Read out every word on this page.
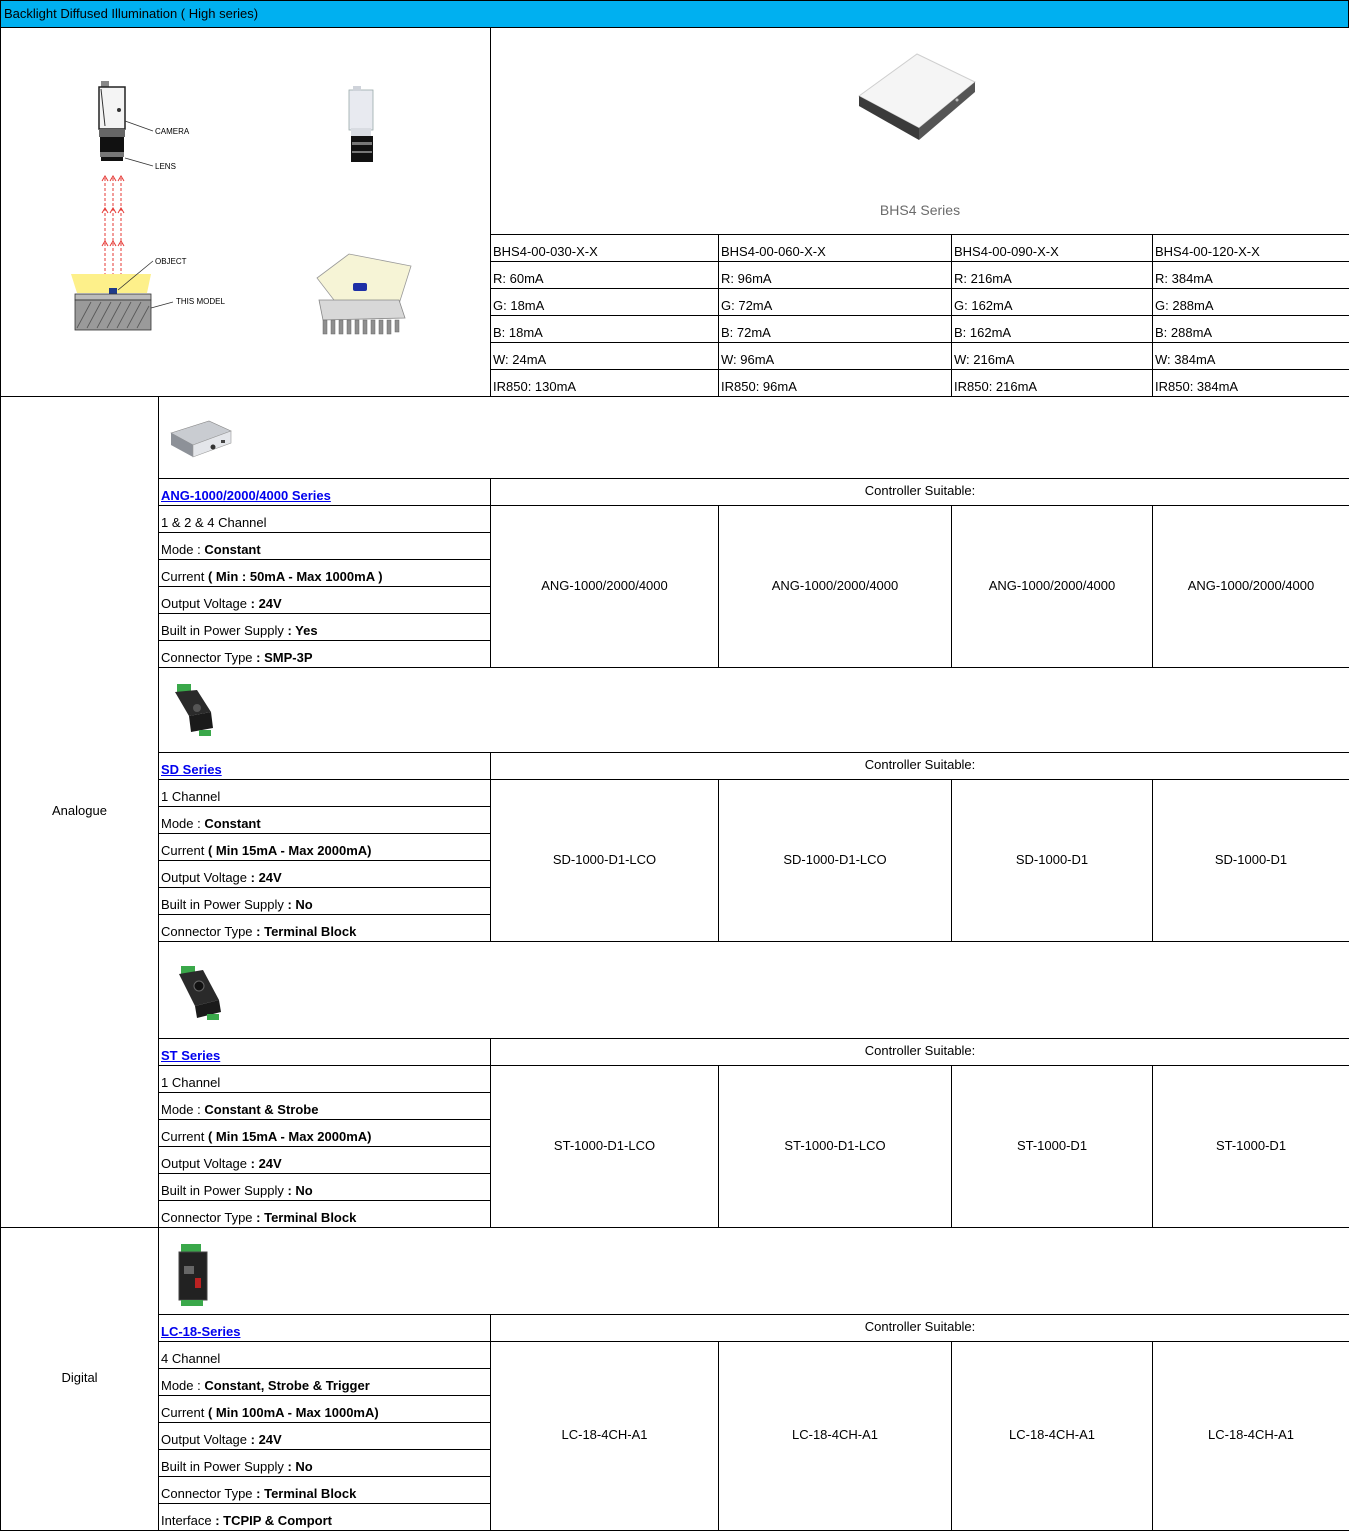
Backlight Diffused Illumination ( High series)
CAMERA
LENS
OBJECT
THIS MODEL		BHS4 Series			

		BHS4-00-030-X-X	BHS4-00-060-X-X	BHS4-00-090-X-X	BHS4-00-120-X-X
		R: 60mA	R: 96mA	R: 216mA	R: 384mA
		G: 18mA	G: 72mA	G: 162mA	G: 288mA
		B: 18mA	B: 72mA	B: 162mA	B: 288mA
		W: 24mA	W: 96mA	W: 216mA	W: 384mA
		IR850: 130mA	IR850: 96mA	IR850: 216mA	IR850: 384mA
Analogue	
	ANG-1000/2000/4000 Series	Controller Suitable:			
	1 & 2 & 4 Channel	ANG-1000/2000/4000	ANG-1000/2000/4000	ANG-1000/2000/4000	ANG-1000/2000/4000
	Mode : Constant				
	Current ( Min : 50mA - Max 1000mA )				
	Output Voltage : 24V				
	Built in Power Supply : Yes				
	Connector Type : SMP-3P				

	SD Series	Controller Suitable:			
	1 Channel	SD-1000-D1-LCO	SD-1000-D1-LCO	SD-1000-D1	SD-1000-D1
	Mode : Constant				
	Current ( Min 15mA - Max 2000mA)				
	Output Voltage : 24V				
	Built in Power Supply : No				
	Connector Type : Terminal Block				

	ST Series	Controller Suitable:			
	1 Channel	ST-1000-D1-LCO	ST-1000-D1-LCO	ST-1000-D1	ST-1000-D1
	Mode : Constant & Strobe				
	Current ( Min 15mA - Max 2000mA)				
	Output Voltage : 24V				
	Built in Power Supply : No				
	Connector Type : Terminal Block				
Digital	
	LC-18-Series	Controller Suitable:			
	4 Channel	LC-18-4CH-A1	LC-18-4CH-A1	LC-18-4CH-A1	LC-18-4CH-A1
	Mode : Constant, Strobe & Trigger				
	Current ( Min 100mA - Max 1000mA)				
	Output Voltage : 24V				
	Built in Power Supply : No				
	Connector Type : Terminal Block				
	Interface : TCPIP & Comport				
